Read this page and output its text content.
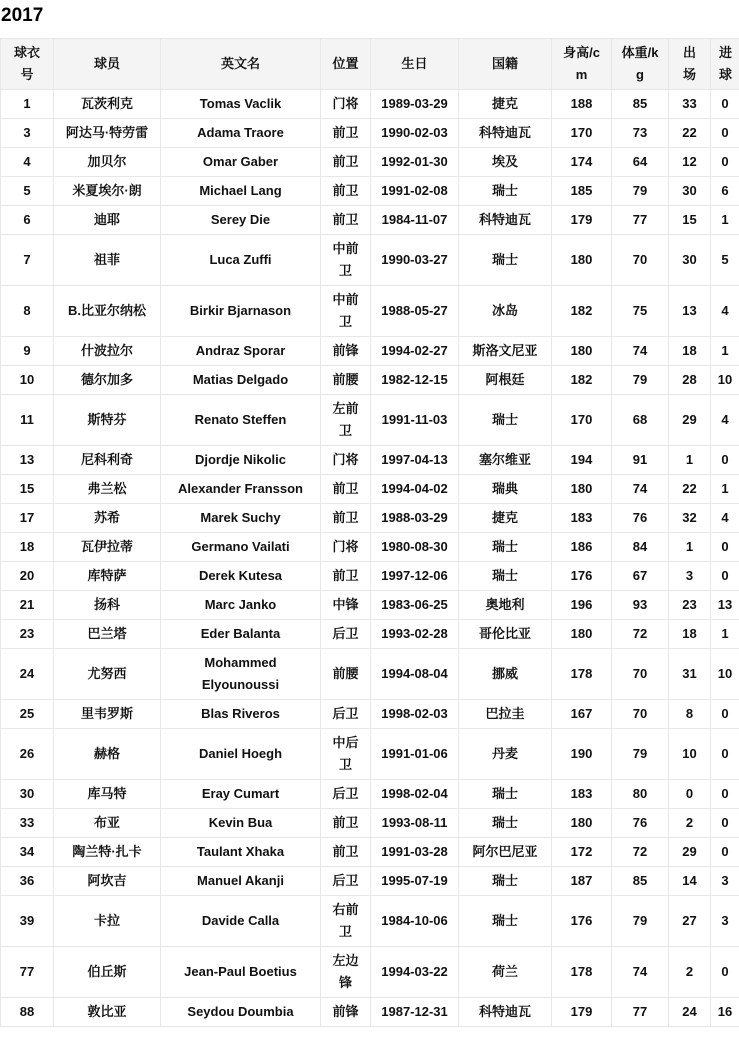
2017
球衣号	球员	英文名	位置	生日	国籍	身高/cm	体重/kg	出场	进球
1	瓦茨利克	Tomas Vaclik	门将	1989-03-29	捷克	188	85	33	0
3	阿达马·特劳雷	Adama Traore	前卫	1990-02-03	科特迪瓦	170	73	22	0
4	加贝尔	Omar Gaber	前卫	1992-01-30	埃及	174	64	12	0
5	米夏埃尔·朗	Michael Lang	前卫	1991-02-08	瑞士	185	79	30	6
6	迪耶	Serey Die	前卫	1984-11-07	科特迪瓦	179	77	15	1
7	祖菲	Luca Zuffi	中前卫	1990-03-27	瑞士	180	70	30	5
8	B.比亚尔纳松	Birkir Bjarnason	中前卫	1988-05-27	冰岛	182	75	13	4
9	什波拉尔	Andraz Sporar	前锋	1994-02-27	斯洛文尼亚	180	74	18	1
10	德尔加多	Matias Delgado	前腰	1982-12-15	阿根廷	182	79	28	10
11	斯特芬	Renato Steffen	左前卫	1991-11-03	瑞士	170	68	29	4
13	尼科利奇	Djordje Nikolic	门将	1997-04-13	塞尔维亚	194	91	1	0
15	弗兰松	Alexander Fransson	前卫	1994-04-02	瑞典	180	74	22	1
17	苏希	Marek Suchy	前卫	1988-03-29	捷克	183	76	32	4
18	瓦伊拉蒂	Germano Vailati	门将	1980-08-30	瑞士	186	84	1	0
20	库特萨	Derek Kutesa	前卫	1997-12-06	瑞士	176	67	3	0
21	扬科	Marc Janko	中锋	1983-06-25	奥地利	196	93	23	13
23	巴兰塔	Eder Balanta	后卫	1993-02-28	哥伦比亚	180	72	18	1
24	尤努西	Mohammed Elyounoussi	前腰	1994-08-04	挪威	178	70	31	10
25	里韦罗斯	Blas Riveros	后卫	1998-02-03	巴拉圭	167	70	8	0
26	赫格	Daniel Hoegh	中后卫	1991-01-06	丹麦	190	79	10	0
30	库马特	Eray Cumart	后卫	1998-02-04	瑞士	183	80	0	0
33	布亚	Kevin Bua	前卫	1993-08-11	瑞士	180	76	2	0
34	陶兰特·扎卡	Taulant Xhaka	前卫	1991-03-28	阿尔巴尼亚	172	72	29	0
36	阿坎吉	Manuel Akanji	后卫	1995-07-19	瑞士	187	85	14	3
39	卡拉	Davide Calla	右前卫	1984-10-06	瑞士	176	79	27	3
77	伯丘斯	Jean-Paul Boetius	左边锋	1994-03-22	荷兰	178	74	2	0
88	敦比亚	Seydou Doumbia	前锋	1987-12-31	科特迪瓦	179	77	24	16
